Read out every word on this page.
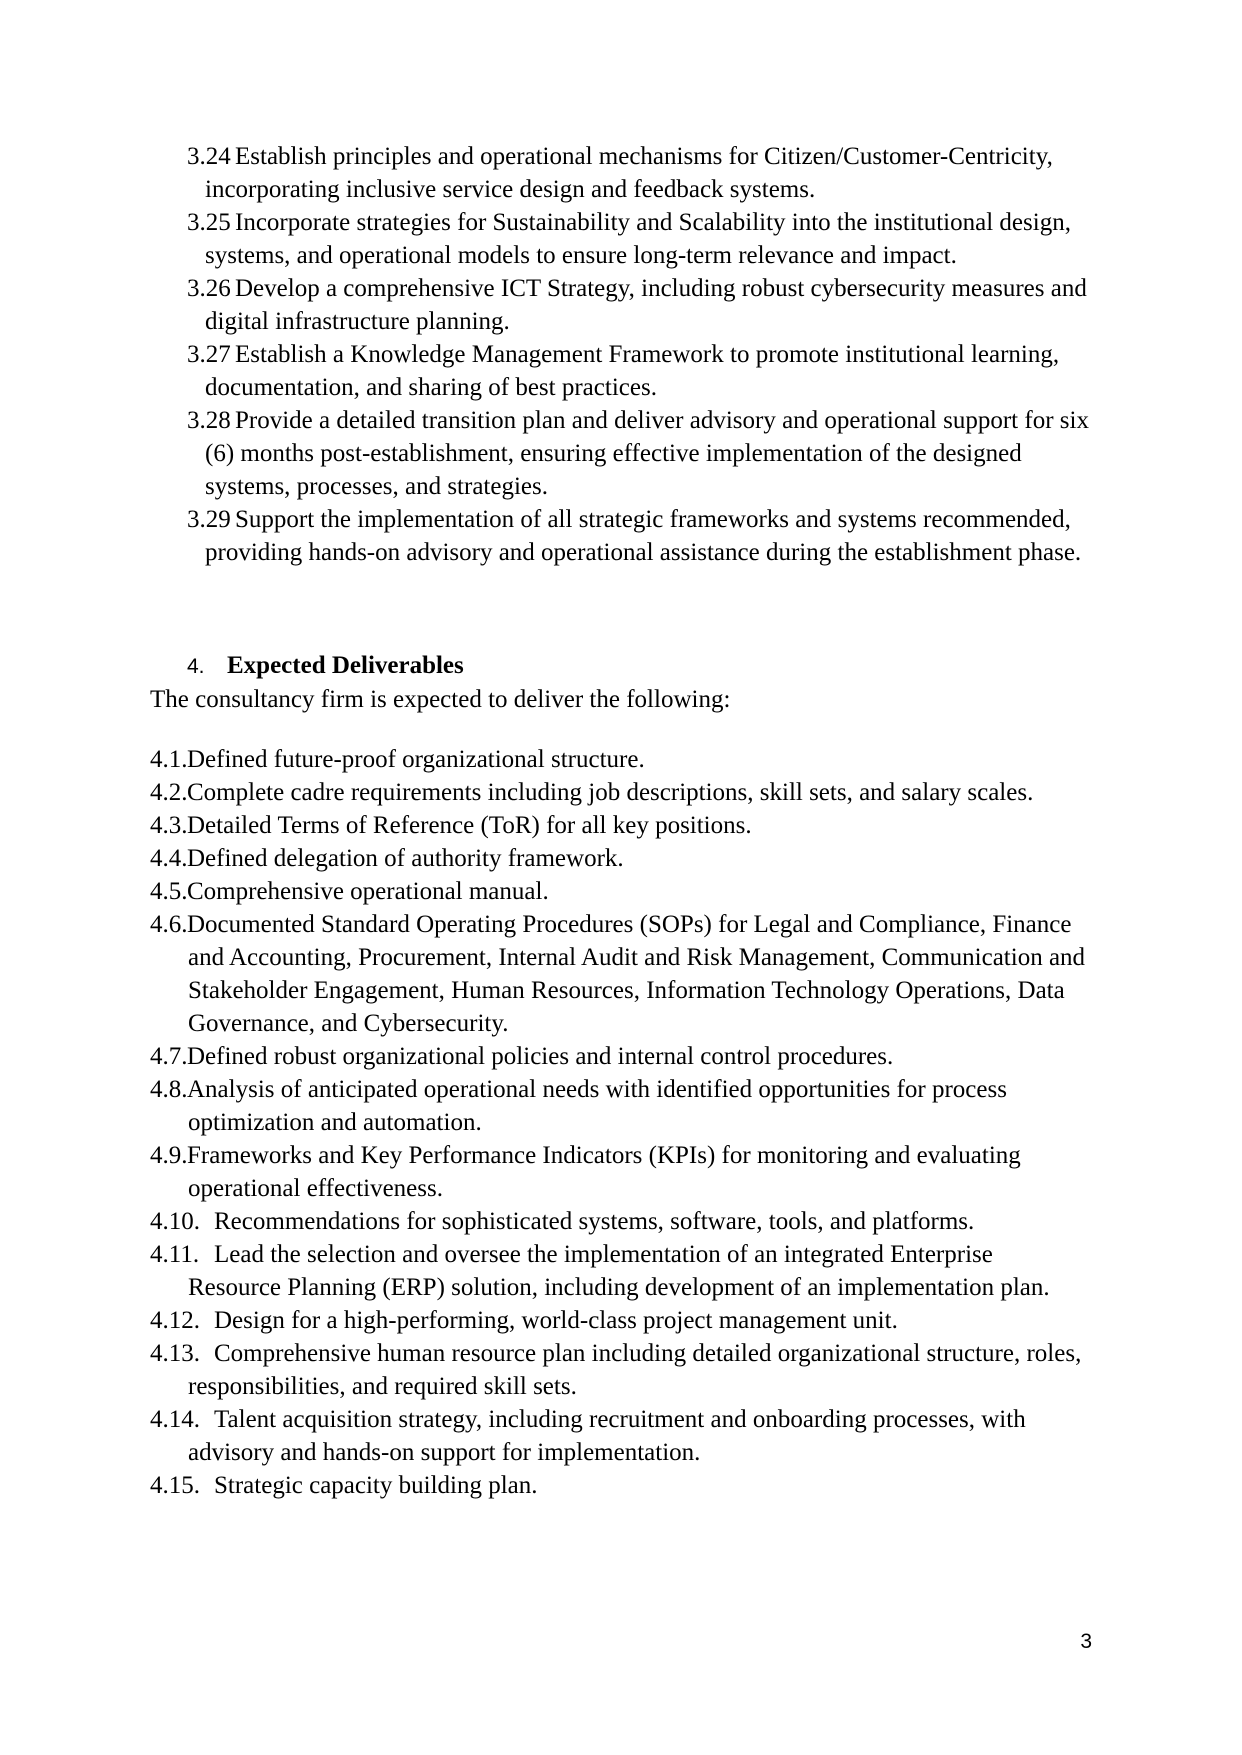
3.24 Establish principles and operational mechanisms for Citizen/Customer-Centricity, incorporating inclusive service design and feedback systems.
3.25 Incorporate strategies for Sustainability and Scalability into the institutional design, systems, and operational models to ensure long-term relevance and impact.
3.26 Develop a comprehensive ICT Strategy, including robust cybersecurity measures and digital infrastructure planning.
3.27 Establish a Knowledge Management Framework to promote institutional learning, documentation, and sharing of best practices.
3.28 Provide a detailed transition plan and deliver advisory and operational support for six (6) months post-establishment, ensuring effective implementation of the designed systems, processes, and strategies.
3.29 Support the implementation of all strategic frameworks and systems recommended, providing hands-on advisory and operational assistance during the establishment phase.
4. Expected Deliverables

The consultancy firm is expected to deliver the following:

4.1.Defined future-proof organizational structure.
4.2.Complete cadre requirements including job descriptions, skill sets, and salary scales.
4.3.Detailed Terms of Reference (ToR) for all key positions.
4.4.Defined delegation of authority framework.
4.5.Comprehensive operational manual.
4.6.Documented Standard Operating Procedures (SOPs) for Legal and Compliance, Finance and Accounting, Procurement, Internal Audit and Risk Management, Communication and Stakeholder Engagement, Human Resources, Information Technology Operations, Data Governance, and Cybersecurity.
4.7.Defined robust organizational policies and internal control procedures.
4.8.Analysis of anticipated operational needs with identified opportunities for process optimization and automation.
4.9.Frameworks and Key Performance Indicators (KPIs) for monitoring and evaluating operational effectiveness.
4.10. Recommendations for sophisticated systems, software, tools, and platforms.
4.11. Lead the selection and oversee the implementation of an integrated Enterprise Resource Planning (ERP) solution, including development of an implementation plan.
4.12. Design for a high-performing, world-class project management unit.
4.13. Comprehensive human resource plan including detailed organizational structure, roles, responsibilities, and required skill sets.
4.14. Talent acquisition strategy, including recruitment and onboarding processes, with advisory and hands-on support for implementation.
4.15. Strategic capacity building plan.
3
